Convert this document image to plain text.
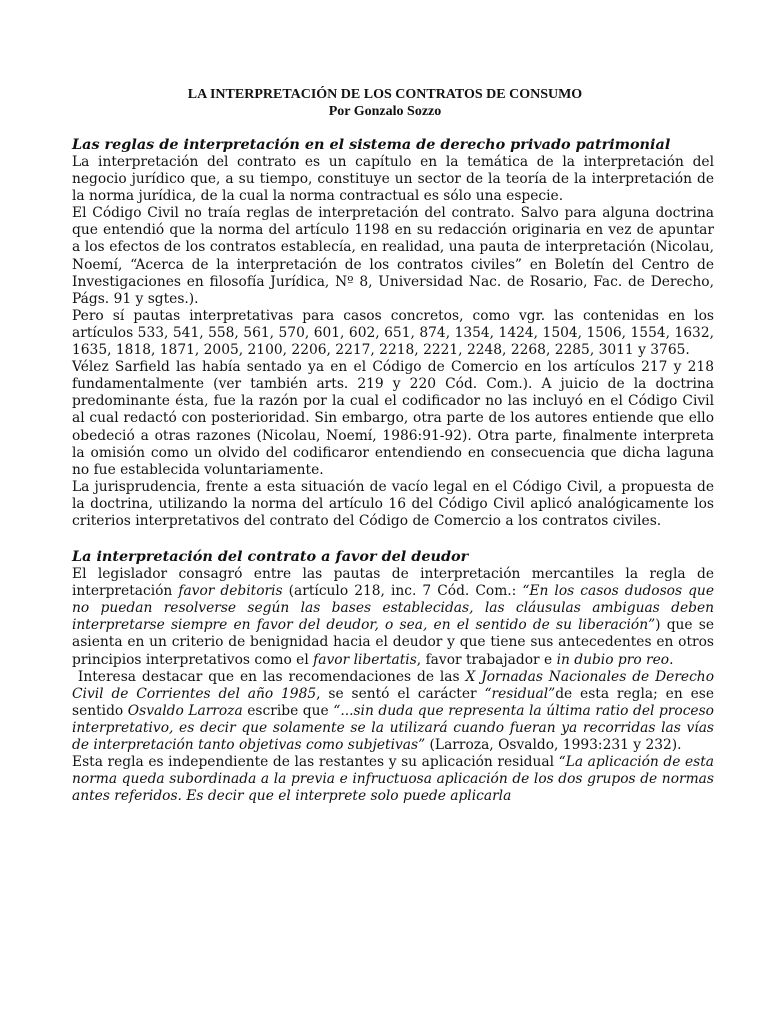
LA INTERPRETACIÓN DE LOS CONTRATOS DE CONSUMO
Por Gonzalo Sozzo
Las reglas de interpretación en el sistema de derecho privado patrimonial
La interpretación del contrato es un capítulo en la temática de la interpretación del negocio jurídico que, a su tiempo, constituye un sector de la teoría de la interpretación de la norma jurídica, de la cual la norma contractual es sólo una especie.
El Código Civil no traía reglas de interpretación del contrato. Salvo para alguna doctrina que entendió que la norma del artículo 1198 en su redacción originaria en vez de apuntar a los efectos de los contratos establecía, en realidad, una pauta de interpretación (Nicolau, Noemí, “Acerca de la interpretación de los contratos civiles” en Boletín del Centro de Investigaciones en filosofía Jurídica, Nº 8, Universidad Nac. de Rosario, Fac. de Derecho, Págs. 91 y sgtes.).
Pero sí pautas interpretativas para casos concretos, como vgr. las contenidas en los artículos 533, 541, 558, 561, 570, 601, 602, 651, 874, 1354, 1424, 1504, 1506, 1554, 1632, 1635, 1818, 1871, 2005, 2100, 2206, 2217, 2218, 2221, 2248, 2268, 2285, 3011 y 3765.
Vélez Sarfield las había sentado ya en el Código de Comercio en los artículos 217 y 218 fundamentalmente (ver también arts. 219 y 220 Cód. Com.). A juicio de la doctrina predominante ésta, fue la razón por la cual el codificador no las incluyó en el Código Civil al cual redactó con posterioridad. Sin embargo, otra parte de los autores entiende que ello obedeció a otras razones (Nicolau, Noemí, 1986:91-92). Otra parte, finalmente interpreta la omisión como un olvido del codificaror entendiendo en consecuencia que dicha laguna no fue establecida voluntariamente.
La jurisprudencia, frente a esta situación de vacío legal en el Código Civil, a propuesta de la doctrina, utilizando la norma del artículo 16 del Código Civil aplicó analógicamente los criterios interpretativos del contrato del Código de Comercio a los contratos civiles.
La interpretación del contrato a favor del deudor
El legislador consagró entre las pautas de interpretación mercantiles la regla de interpretación favor debitoris (artículo 218, inc. 7 Cód. Com.: “En los casos dudosos que no puedan resolverse según las bases establecidas, las cláusulas ambiguas deben interpretarse siempre en favor del deudor, o sea, en el sentido de su liberación”) que se asienta en un criterio de benignidad hacia el deudor y que tiene sus antecedentes en otros principios interpretativos como el favor libertatis, favor trabajador e in dubio pro reo.
Interesa destacar que en las recomendaciones de las X Jornadas Nacionales de Derecho Civil de Corrientes del año 1985, se sentó el carácter “residual”de esta regla; en ese sentido Osvaldo Larroza escribe que “...sin duda que representa la última ratio del proceso interpretativo, es decir que solamente se la utilizará cuando fueran ya recorridas las vías de interpretación tanto objetivas como subjetivas” (Larroza, Osvaldo, 1993:231 y 232).
Esta regla es independiente de las restantes y su aplicación residual “La aplicación de esta norma queda subordinada a la previa e infructuosa aplicación de los dos grupos de normas antes referidos. Es decir que el interprete solo puede aplicarla
